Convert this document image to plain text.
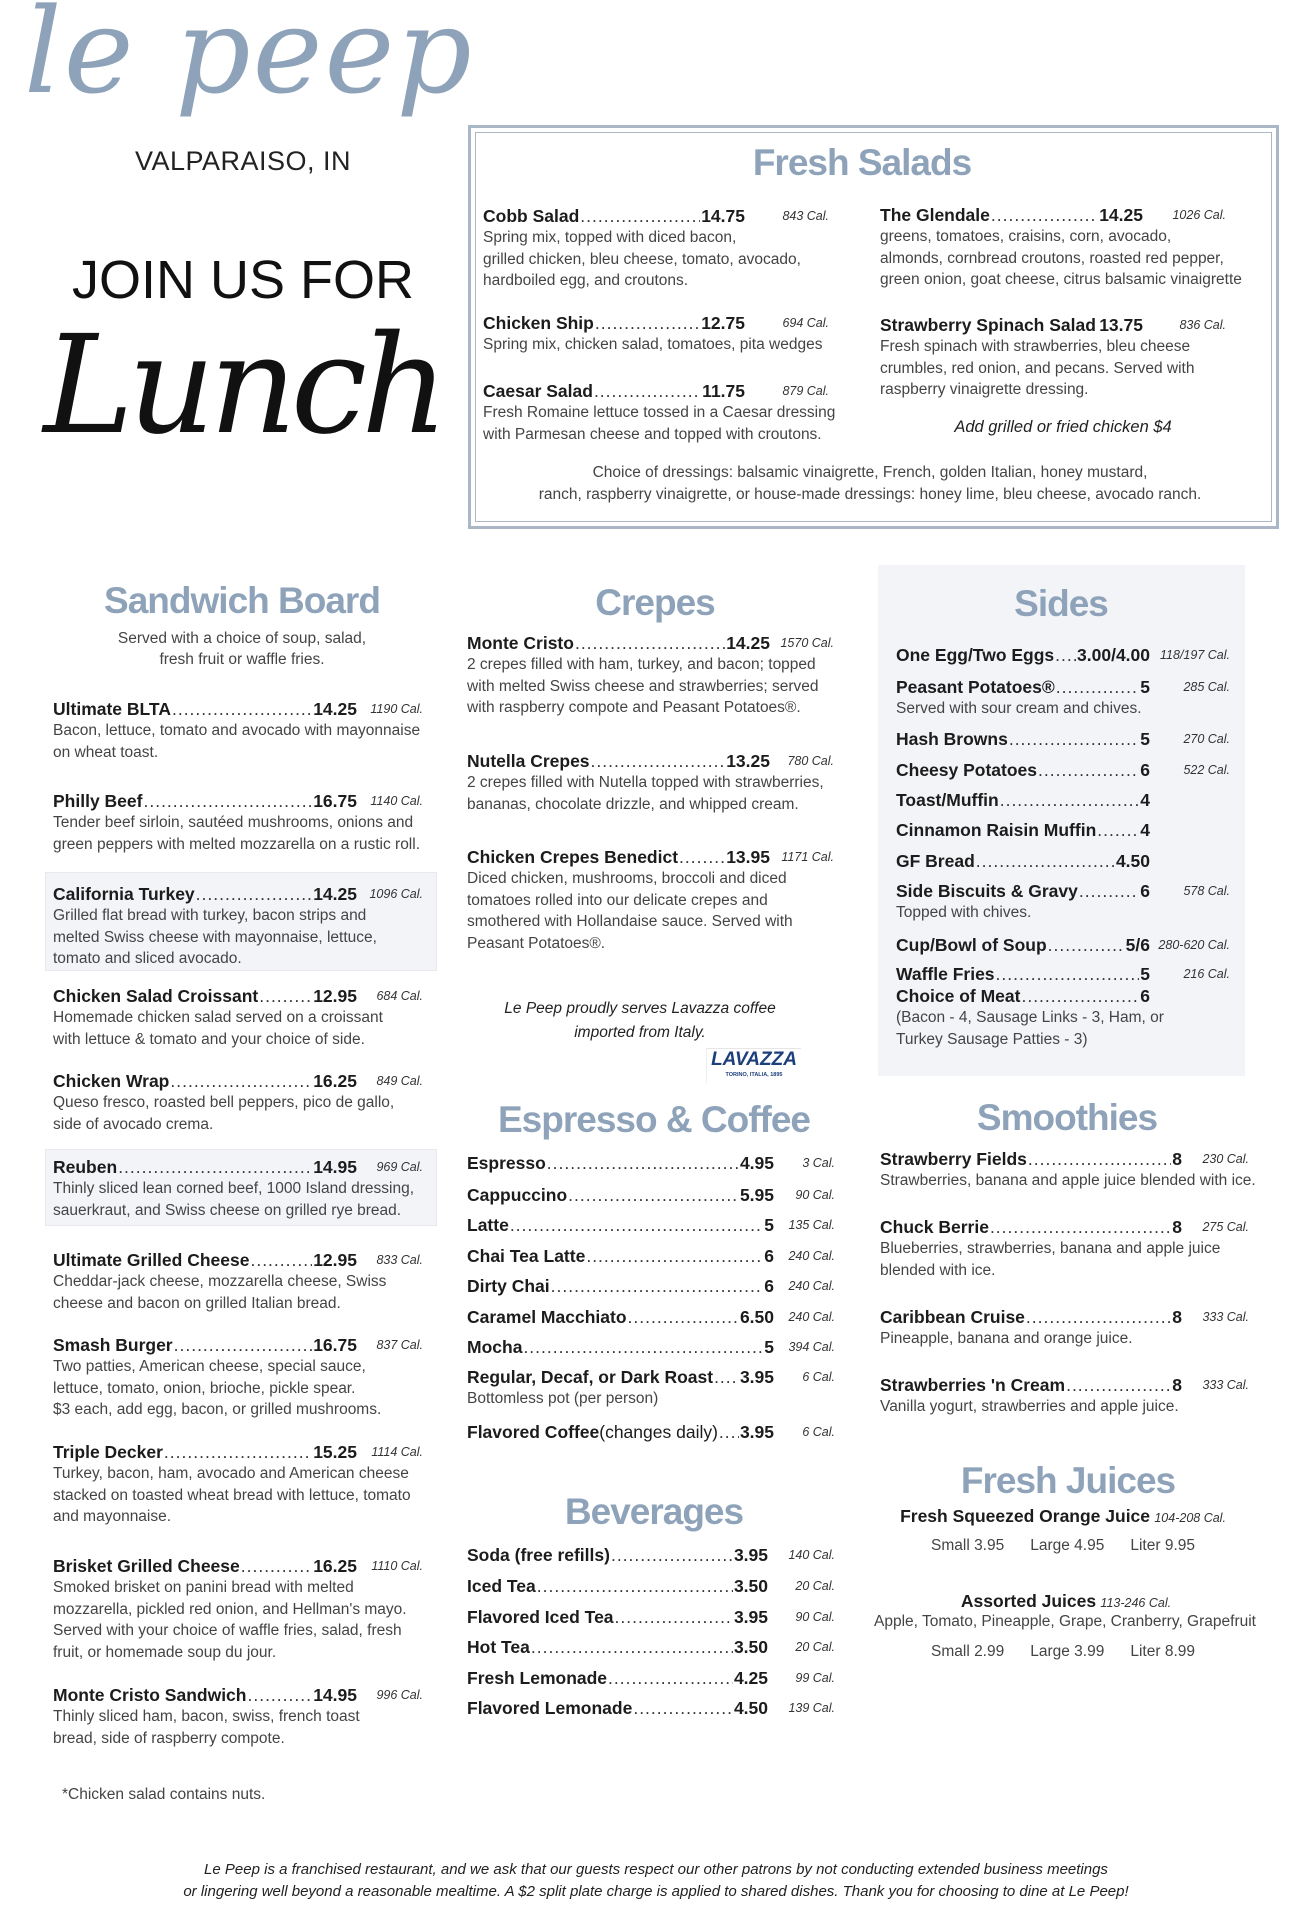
le peep
VALPARAISO, IN
JOIN US FOR
Lunch
Fresh Salads
Cobb Salad .....	14.75	843 Cal.
Spring mix, topped with diced bacon,
grilled chicken, bleu cheese, tomato, avocado,
hardboiled egg, and croutons.
Chicken Ship .....	12.75	694 Cal.
Spring mix, chicken salad, tomatoes, pita wedges
Caesar Salad .....	11.75	879 Cal.
Fresh Romaine lettuce tossed in a Caesar dressing
with Parmesan cheese and topped with croutons.
The Glendale .....	14.25 1026 Cal.
greens, tomatoes, craisins, corn, avocado,
almonds, cornbread croutons, roasted red pepper,
green onion, goat cheese, citrus balsamic vinaigrette
Strawberry Spinach Salad ..... 13.75	836 Cal.
Fresh spinach with strawberries, bleu cheese
crumbles, red onion, and pecans. Served with
raspberry vinaigrette dressing.
Add grilled or fried chicken $4
Choice of dressings: balsamic vinaigrette, French, golden Italian, honey mustard,
ranch, raspberry vinaigrette, or house-made dressings: honey lime, bleu cheese, avocado ranch.
Sandwich Board
Served with a choice of soup, salad,
fresh fruit or waffle fries.
Ultimate BLTA .....	14.25 1190 Cal.
Bacon, lettuce, tomato and avocado with mayonnaise
on wheat toast.
Philly Beef .....	16.75 1140 Cal.
Tender beef sirloin, sautéed mushrooms, onions and
green peppers with melted mozzarella on a rustic roll.
California Turkey .....	14.25 1096 Cal.
Grilled flat bread with turkey, bacon strips and
melted Swiss cheese with mayonnaise, lettuce,
tomato and sliced avocado.
Chicken Salad Croissant .....	12.95 684 Cal.
Homemade chicken salad served on a croissant
with lettuce & tomato and your choice of side.
Chicken Wrap .....	16.25 849 Cal.
Queso fresco, roasted bell peppers, pico de gallo,
side of avocado crema.
Reuben .....	14.95 969 Cal.
Thinly sliced lean corned beef, 1000 Island dressing,
sauerkraut, and Swiss cheese on grilled rye bread.
Ultimate Grilled Cheese .....	12.95 833 Cal.
Cheddar-jack cheese, mozzarella cheese, Swiss
cheese and bacon on grilled Italian bread.
Smash Burger .....	16.75 837 Cal.
Two patties, American cheese, special sauce,
lettuce, tomato, onion, brioche, pickle spear.
$3 each, add egg, bacon, or grilled mushrooms.
Triple Decker .....	15.25 1114 Cal.
Turkey, bacon, ham, avocado and American cheese
stacked on toasted wheat bread with lettuce, tomato
and mayonnaise.
Brisket Grilled Cheese .....	16.25 1110 Cal.
Smoked brisket on panini bread with melted
mozzarella, pickled red onion, and Hellman's mayo.
Served with your choice of waffle fries, salad, fresh
fruit, or homemade soup du jour.
Monte Cristo Sandwich .....	14.95 996 Cal.
Thinly sliced ham, bacon, swiss, french toast
bread, side of raspberry compote.
*Chicken salad contains nuts.
Crepes
Monte Cristo .....	14.25 1570 Cal.
2 crepes filled with ham, turkey, and bacon; topped
with melted Swiss cheese and strawberries; served
with raspberry compote and Peasant Potatoes®.
Nutella Crepes .....	13.25 780 Cal.
2 crepes filled with Nutella topped with strawberries,
bananas, chocolate drizzle, and whipped cream.
Chicken Crepes Benedict .....	13.95 1171 Cal.
Diced chicken, mushrooms, broccoli and diced
tomatoes rolled into our delicate crepes and
smothered with Hollandaise sauce. Served with
Peasant Potatoes®.
Le Peep proudly serves Lavazza coffee
imported from Italy.
LAVAZZA
TORINO, ITALIA, 1895
Espresso & Coffee
Espresso .....	4.95 3 Cal.
Cappuccino .....	5.95 90 Cal.
Latte .....	5 135 Cal.
Chai Tea Latte .....	6 240 Cal.
Dirty Chai .....	6 240 Cal.
Caramel Macchiato .....	6.50 240 Cal.
Mocha .....	5 394 Cal.
Regular, Decaf, or Dark Roast ..... 3.95 6 Cal.
Bottomless pot (per person)
Flavored Coffee(changes daily) ..... 3.95 6 Cal.
Beverages
Soda (free refills) .....	3.95 140 Cal.
Iced Tea .....	3.50 20 Cal.
Flavored Iced Tea .....	3.95 90 Cal.
Hot Tea .....	3.50 20 Cal.
Fresh Lemonade .....	4.25 99 Cal.
Flavored Lemonade .....	4.50 139 Cal.
Sides
One Egg/Two Eggs ..... 3.00/4.00 118/197 Cal.
Peasant Potatoes® .....	5	285 Cal.
Served with sour cream and chives.
Hash Browns .....	5	270 Cal.
Cheesy Potatoes .....	6	522 Cal.
Toast/Muffin .....	4
Cinnamon Raisin Muffin .....	4
GF Bread .....	4.50
Side Biscuits & Gravy .....	6	578 Cal.
Topped with chives.
Cup/Bowl of Soup .....	5/6 280-620 Cal.
Waffle Fries .....	5	216 Cal.
Choice of Meat .....	6
(Bacon - 4, Sausage Links - 3, Ham, or
Turkey Sausage Patties - 3)
Smoothies
Strawberry Fields .....	8 230 Cal.
Strawberries, banana and apple juice blended with ice.
Chuck Berrie .....	8 275 Cal.
Blueberries, strawberries, banana and apple juice
blended with ice.
Caribbean Cruise .....	8 333 Cal.
Pineapple, banana and orange juice.
Strawberries 'n Cream .....	8 333 Cal.
Vanilla yogurt, strawberries and apple juice.
Fresh Juices
Fresh Squeezed Orange Juice 104-208 Cal.
Small 3.95 Large 4.95 Liter 9.95
Assorted Juices 113-246 Cal.
Apple, Tomato, Pineapple, Grape, Cranberry, Grapefruit
Small 2.99 Large 3.99 Liter 8.99
Le Peep is a franchised restaurant, and we ask that our guests respect our other patrons by not conducting extended business meetings
or lingering well beyond a reasonable mealtime. A $2 split plate charge is applied to shared dishes. Thank you for choosing to dine at Le Peep!
